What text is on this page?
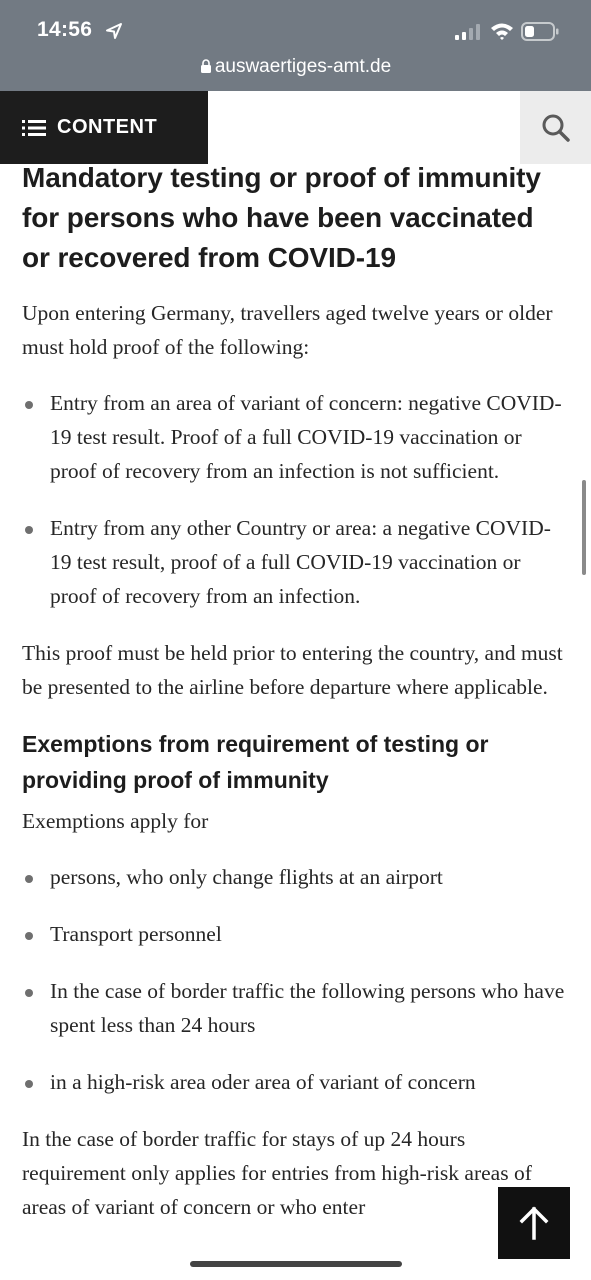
14:56
auswaertiges-amt.de
CONTENT
Mandatory testing or proof of immunity for persons who have been vaccinated or recovered from COVID-19

Upon entering Germany, travellers aged twelve years or older must hold proof of the following:

Entry from an area of variant of concern: negative COVID-19 test result. Proof of a full COVID-19 vaccination or proof of recovery from an infection is not sufficient.
Entry from any other Country or area: a negative COVID-19 test result, proof of a full COVID-19 vaccination or proof of recovery from an infection.

This proof must be held prior to entering the country, and must be presented to the airline before departure where applicable.

Exemptions from requirement of testing or providing proof of immunity

Exemptions apply for

persons, who only change flights at an airport
Transport personnel
In the case of border traffic the following persons who have spent less than 24 hours
in a high-risk area oder area of variant of concern

In the case of border traffic for stays of up 24 hours requirement only applies for entries from high-risk areas of areas of variant of concern or who enter
